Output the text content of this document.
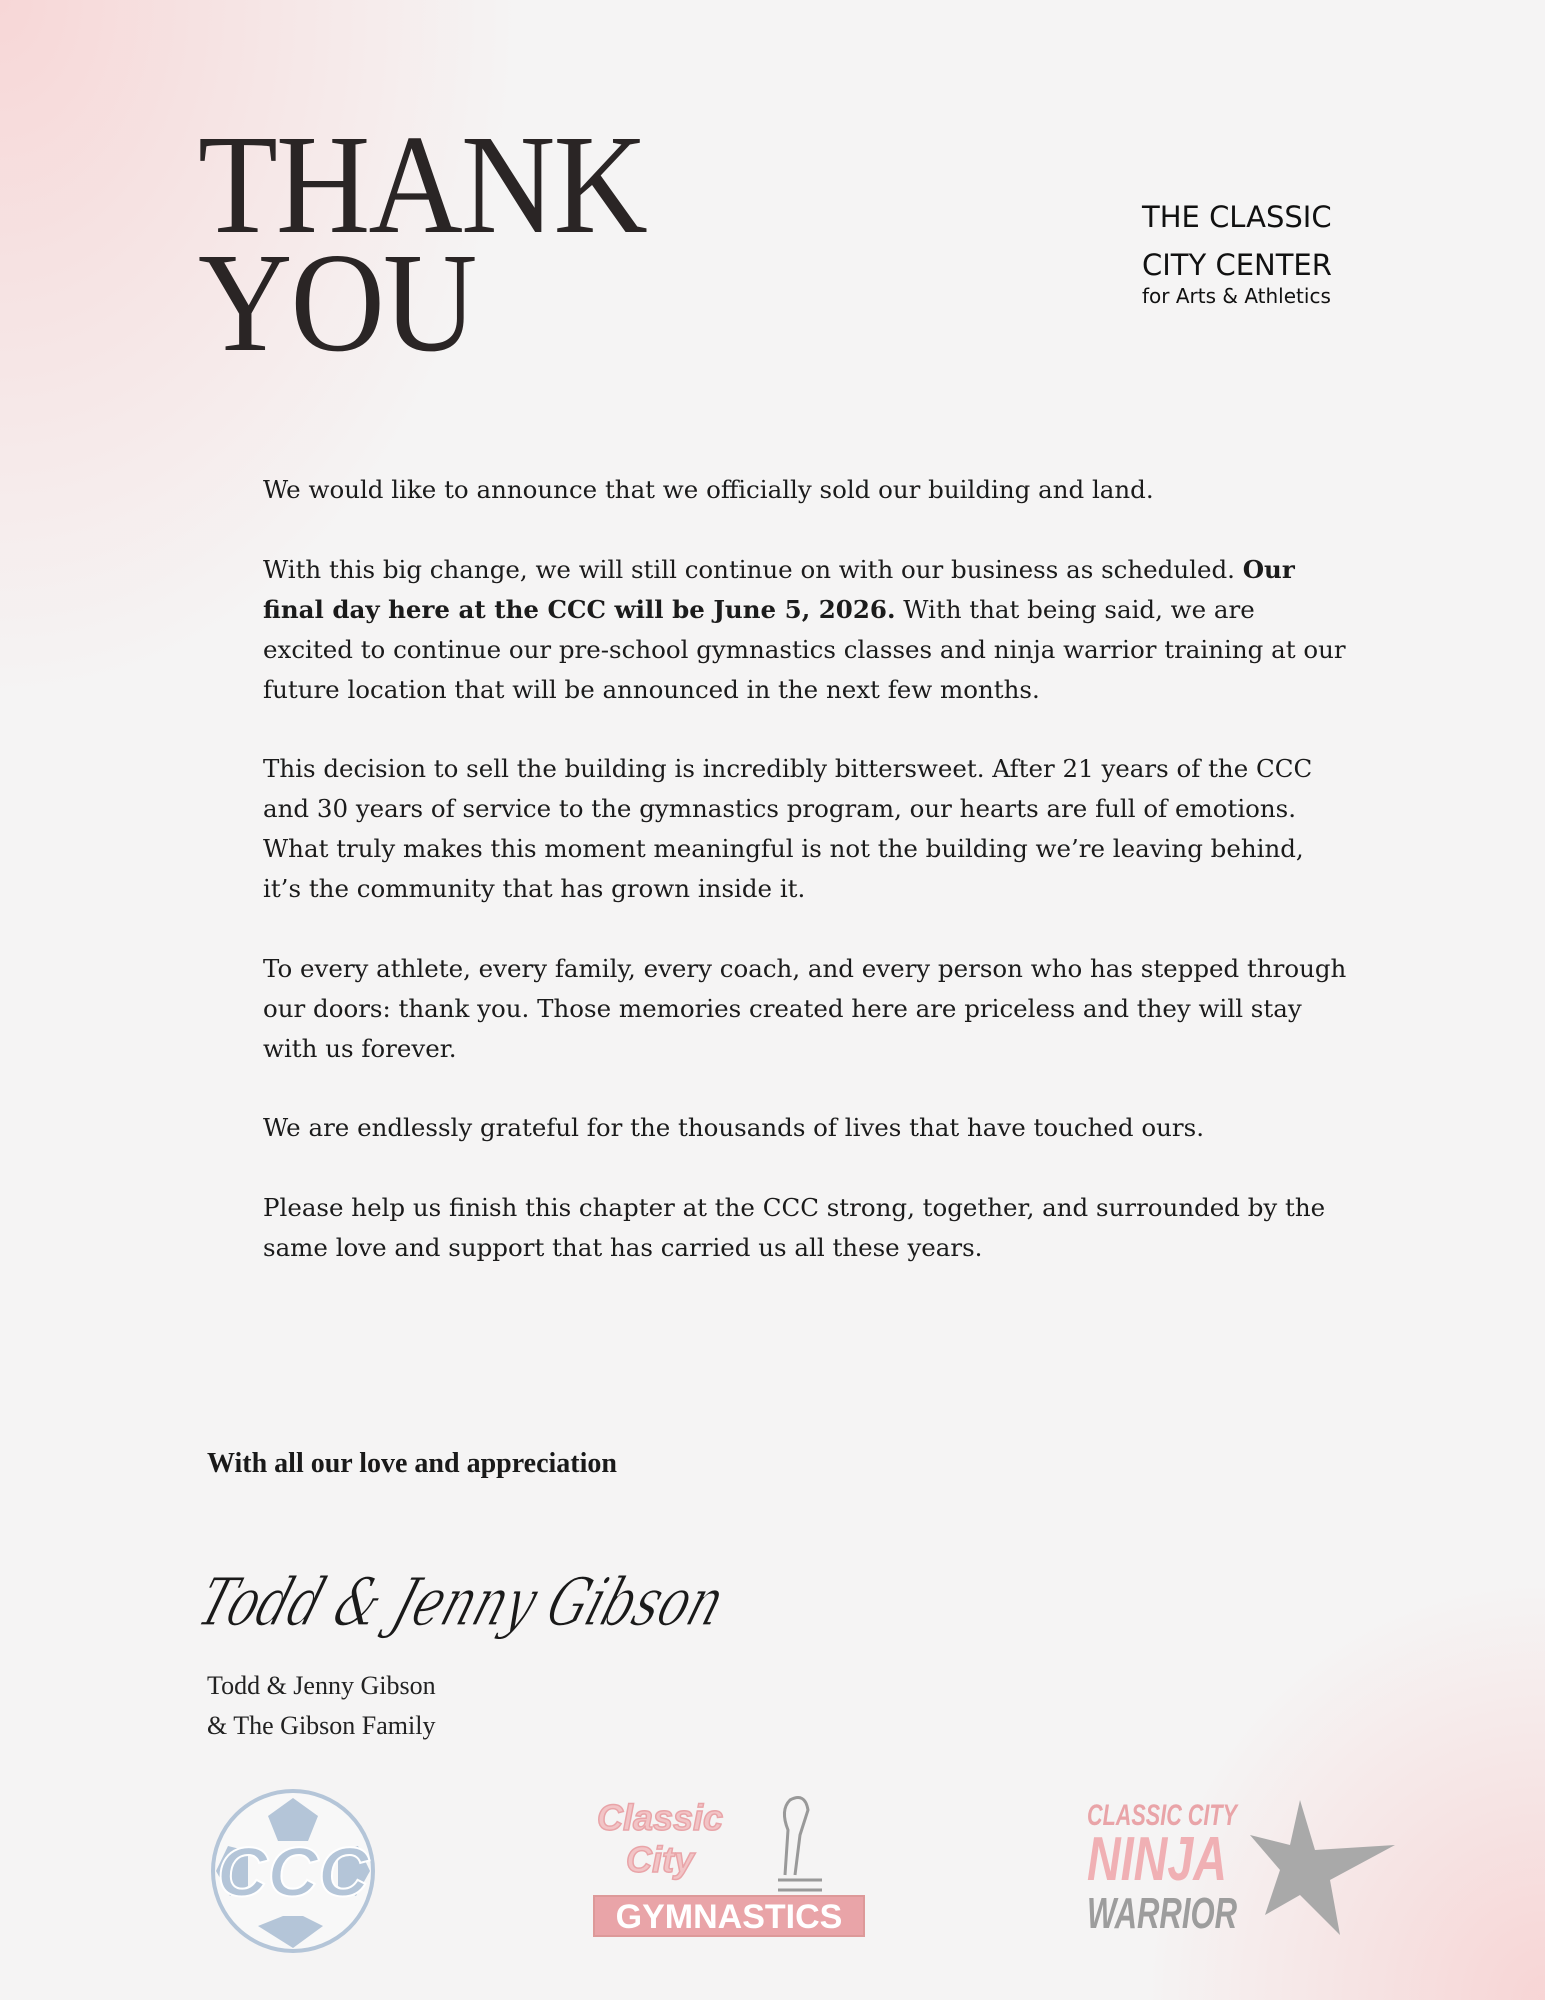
THANK
YOU
THE CLASSIC
CITY CENTER
for Arts & Athletics

We would like to announce that we officially sold our building and land.

With this big change, we will still continue on with our business as scheduled. Our final day here at the CCC will be June 5, 2026. With that being said, we are excited to continue our pre-school gymnastics classes and ninja warrior training at our future location that will be announced in the next few months.

This decision to sell the building is incredibly bittersweet. After 21 years of the CCC and 30 years of service to the gymnastics program, our hearts are full of emotions. What truly makes this moment meaningful is not the building we’re leaving behind, it’s the community that has grown inside it.

To every athlete, every family, every coach, and every person who has stepped through our doors: thank you. Those memories created here are priceless and they will stay with us forever.

We are endlessly grateful for the thousands of lives that have touched ours.

Please help us finish this chapter at the CCC strong, together, and surrounded by the same love and support that has carried us all these years.

With all our love and appreciation
Todd & Jenny Gibson
Todd & Jenny Gibson
& The Gibson Family
CCC
Classic
City
GYMNASTICS
CLASSIC CITY
NINJA
WARRIOR
